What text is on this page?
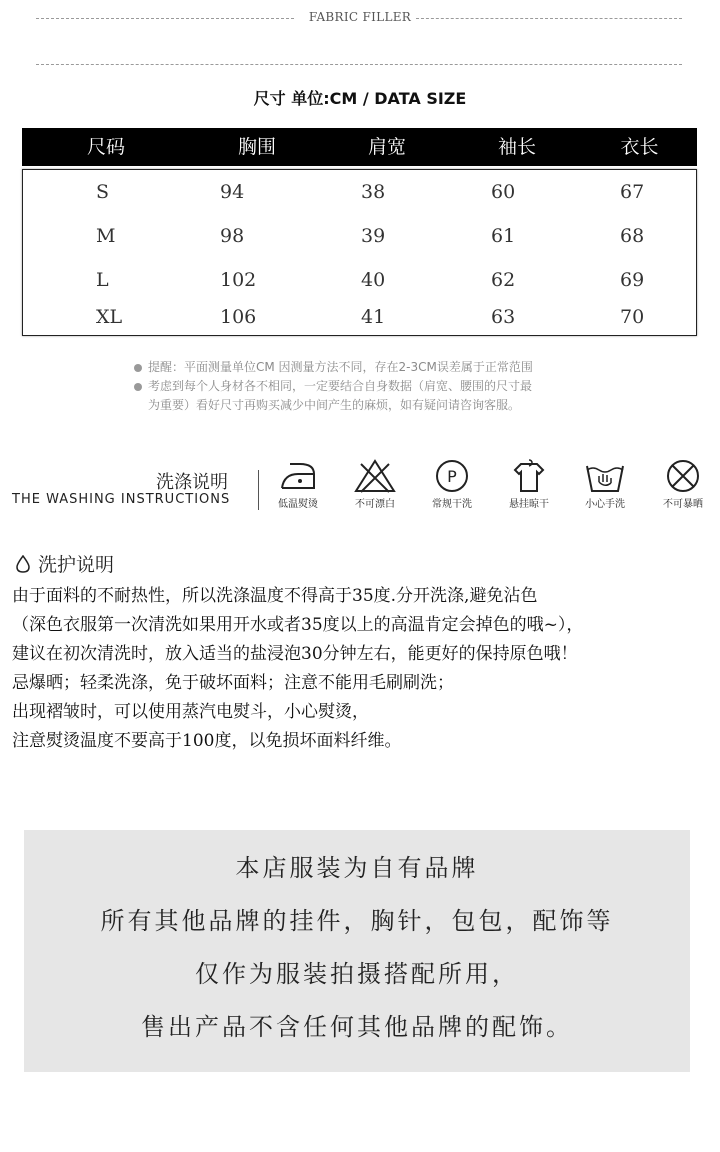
FABRIC FILLER
尺寸 单位:CM / DATA SIZE
尺码	胸围	肩宽	袖长	衣长
S	94	38	60	67
M	98	39	61	68
L	102	40	62	69
XL	106	41	63	70
提醒：平面测量单位CM 因测量方法不同，存在2-3CM误差属于正常范围
考虑到每个人身材各不相同，一定要结合自身数据（肩宽、腰围的尺寸最
为重要）看好尺寸再购买减少中间产生的麻烦，如有疑问请咨询客服。
洗涤说明
THE WASHING INSTRUCTIONS	低温熨烫	不可漂白
P
常规干洗	悬挂晾干	小心手洗	不可暴晒
洗护说明
由于面料的不耐热性，所以洗涤温度不得高于35度.分开洗涤,避免沾色
（深色衣服第一次清洗如果用开水或者35度以上的高温肯定会掉色的哦~），
建议在初次清洗时，放入适当的盐浸泡30分钟左右，能更好的保持原色哦！
忌爆晒；轻柔洗涤，免于破坏面料；注意不能用毛刷刷洗；
出现褶皱时，可以使用蒸汽电熨斗，小心熨烫，
注意熨烫温度不要高于100度，以免损坏面料纤维。
本店服装为自有品牌
所有其他品牌的挂件，胸针，包包，配饰等
仅作为服装拍摄搭配所用，
售出产品不含任何其他品牌的配饰。
